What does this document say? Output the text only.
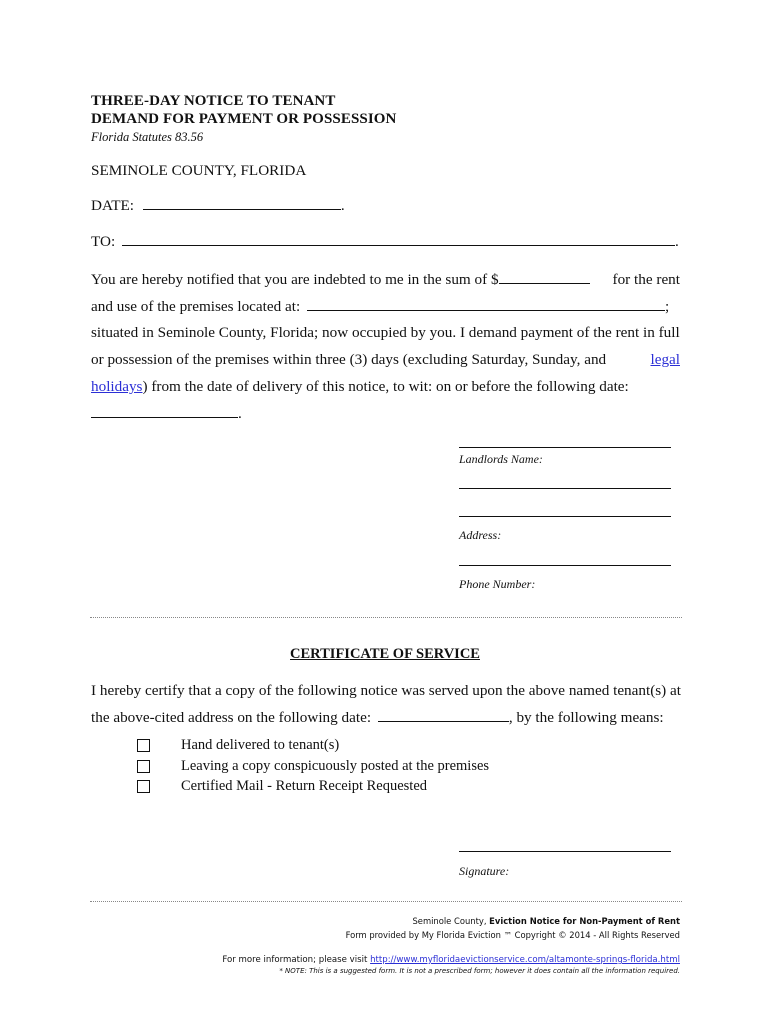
THREE-DAY NOTICE TO TENANT
DEMAND FOR PAYMENT OR POSSESSION
Florida Statutes 83.56
SEMINOLE COUNTY, FLORIDA
DATE:	.
TO:	.
You are hereby notified that you are indebted to me in the sum of $	for the rent
and use of the premises located at:	;
situated in Seminole County, Florida; now occupied by you. I demand payment of the rent in full
or possession of the premises within three (3) days (excluding Saturday, Sunday, and	legal
holidays) from the date of delivery of this notice, to wit: on or before the following date:
.
Landlords Name:
Address:
Phone Number:
CERTIFICATE OF SERVICE
I hereby certify that a copy of the following notice was served upon the above named tenant(s) at
the above-cited address on the following date:	, by the following means:
Hand delivered to tenant(s)
Leaving a copy conspicuously posted at the premises
Certified Mail - Return Receipt Requested
Signature:
Seminole County, Eviction Notice for Non-Payment of Rent
Form provided by My Florida Eviction ™ Copyright © 2014 - All Rights Reserved
For more information; please visit http://www.myfloridaevictionservice.com/altamonte-springs-florida.html
* NOTE: This is a suggested form. It is not a prescribed form; however it does contain all the information required.
